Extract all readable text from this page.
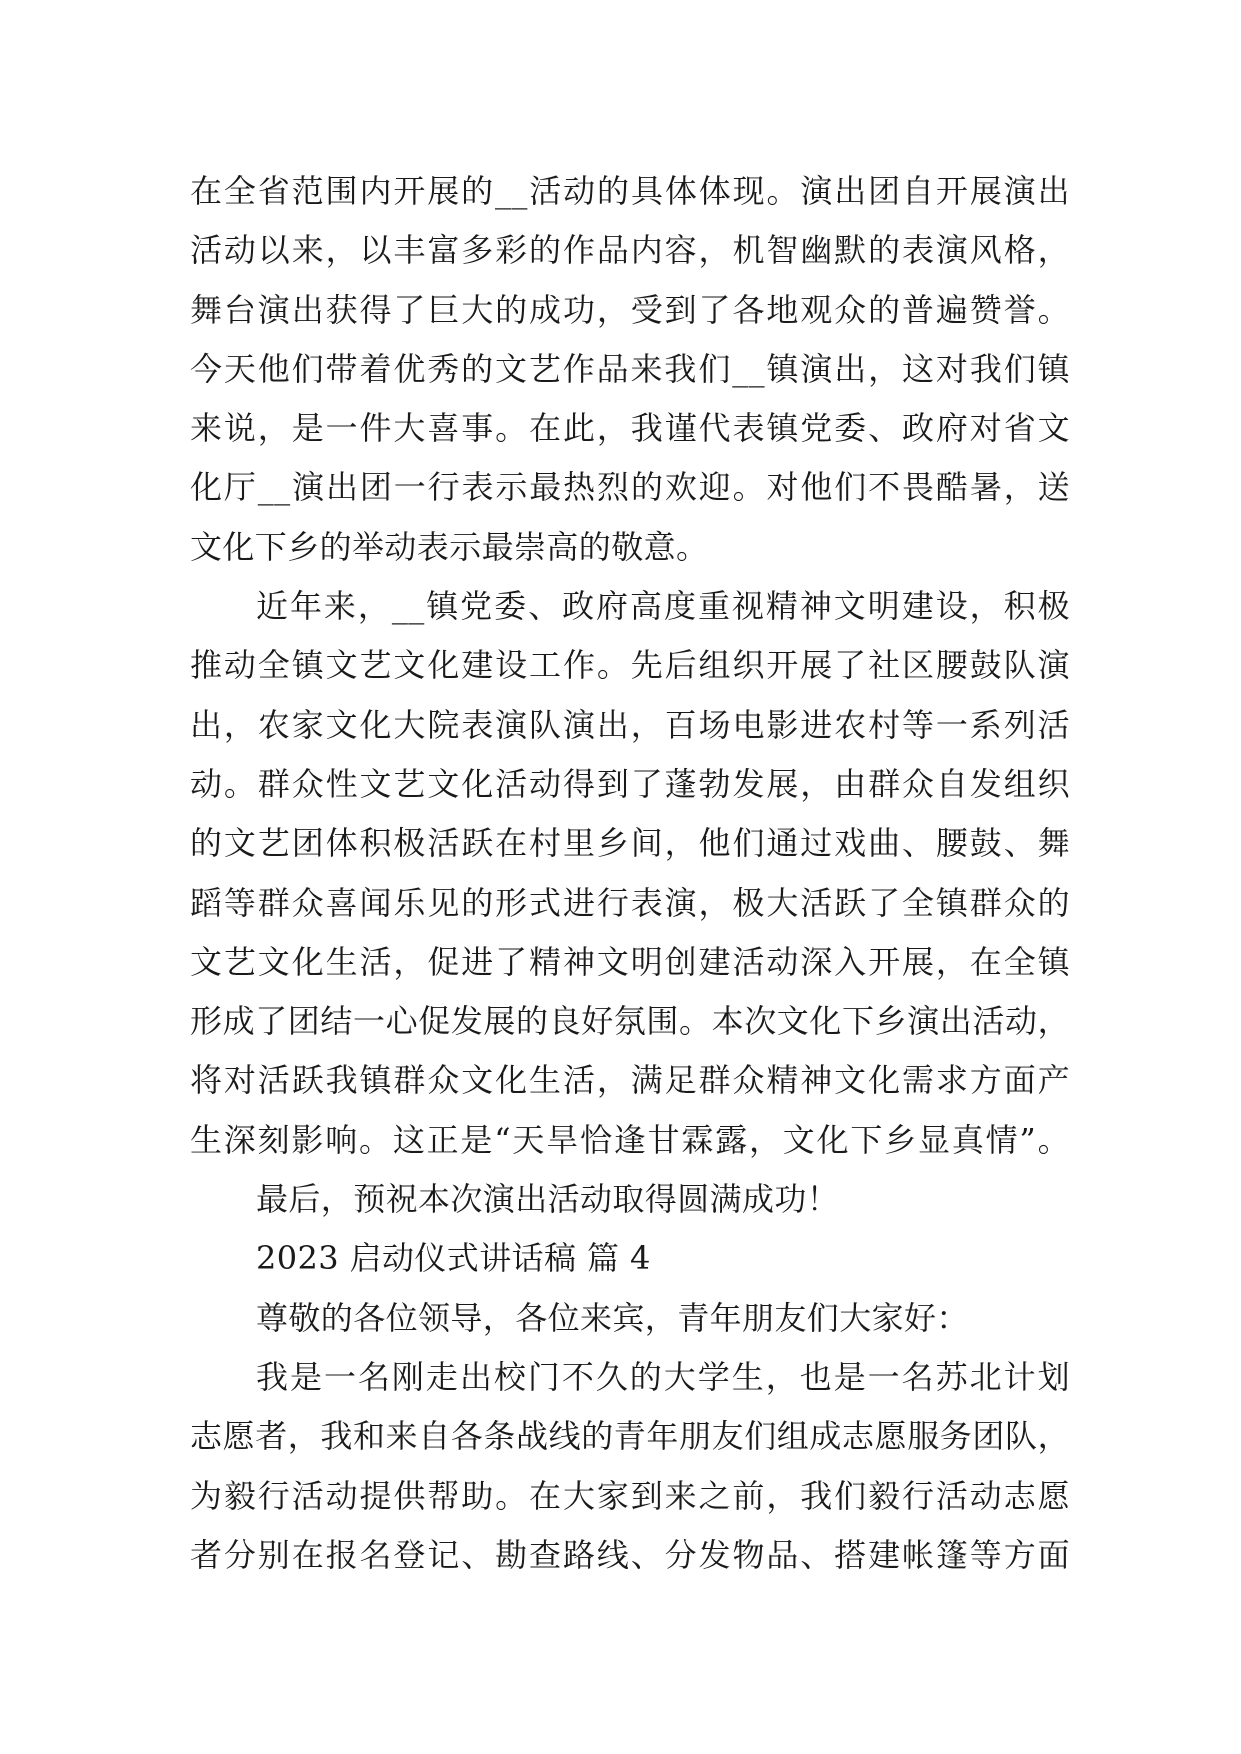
在全省范围内开展的__活动的具体体现。演出团自开展演出
活动以来，以丰富多彩的作品内容，机智幽默的表演风格，
舞台演出获得了巨大的成功，受到了各地观众的普遍赞誉。
今天他们带着优秀的文艺作品来我们__镇演出，这对我们镇
来说，是一件大喜事。在此，我谨代表镇党委、政府对省文
化厅__演出团一行表示最热烈的欢迎。对他们不畏酷暑，送
文化下乡的举动表示最崇高的敬意。
近年来，__镇党委、政府高度重视精神文明建设，积极
推动全镇文艺文化建设工作。先后组织开展了社区腰鼓队演
出，农家文化大院表演队演出，百场电影进农村等一系列活
动。群众性文艺文化活动得到了蓬勃发展，由群众自发组织
的文艺团体积极活跃在村里乡间，他们通过戏曲、腰鼓、舞
蹈等群众喜闻乐见的形式进行表演，极大活跃了全镇群众的
文艺文化生活，促进了精神文明创建活动深入开展，在全镇
形成了团结一心促发展的良好氛围。本次文化下乡演出活动，
将对活跃我镇群众文化生活，满足群众精神文化需求方面产
生深刻影响。这正是“天旱恰逢甘霖露，文化下乡显真情”。
最后，预祝本次演出活动取得圆满成功！
2023 启动仪式讲话稿 篇 4
尊敬的各位领导，各位来宾，青年朋友们大家好：
我是一名刚走出校门不久的大学生，也是一名苏北计划
志愿者，我和来自各条战线的青年朋友们组成志愿服务团队，
为毅行活动提供帮助。在大家到来之前，我们毅行活动志愿
者分别在报名登记、勘查路线、分发物品、搭建帐篷等方面
